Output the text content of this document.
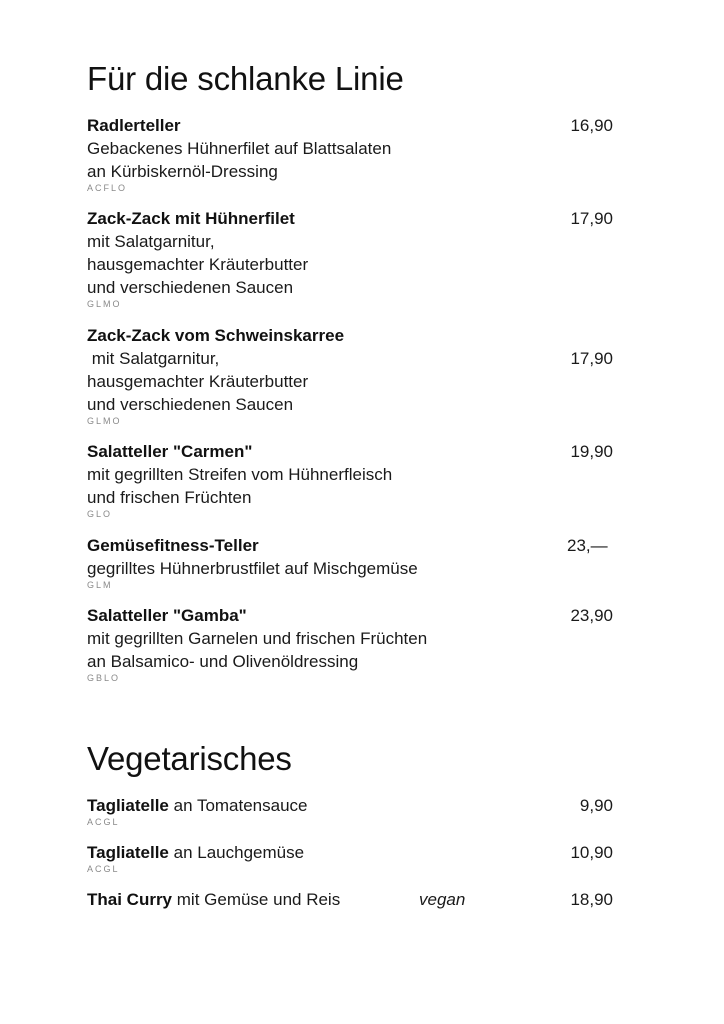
Für die schlanke Linie
Radlerteller
Gebackenes Hühnerfilet auf Blattsalaten
an Kürbiskernöl-Dressing
ACFLO
16,90
Zack-Zack mit Hühnerfilet
mit Salatgarnitur,
hausgemachter Kräuterbutter
und verschiedenen Saucen
GLMO
17,90
Zack-Zack vom Schweinskarree
mit Salatgarnitur,
hausgemachter Kräuterbutter
und verschiedenen Saucen
GLMO
17,90
Salatteller "Carmen"
mit gegrillten Streifen vom Hühnerfleisch
und frischen Früchten
GLO
19,90
Gemüsefitness-Teller
gegrilltes Hühnerbrustfilet auf Mischgemüse
GLM
23,—
Salatteller "Gamba"
mit gegrillten Garnelen und frischen Früchten
an Balsamico- und Olivenöldressing
GBLO
23,90
Vegetarisches
Tagliatelle an Tomatensauce
ACGL
9,90
Tagliatelle an Lauchgemüse
ACGL
10,90
Thai Curry mit Gemüse und Reis	vegan	18,90
